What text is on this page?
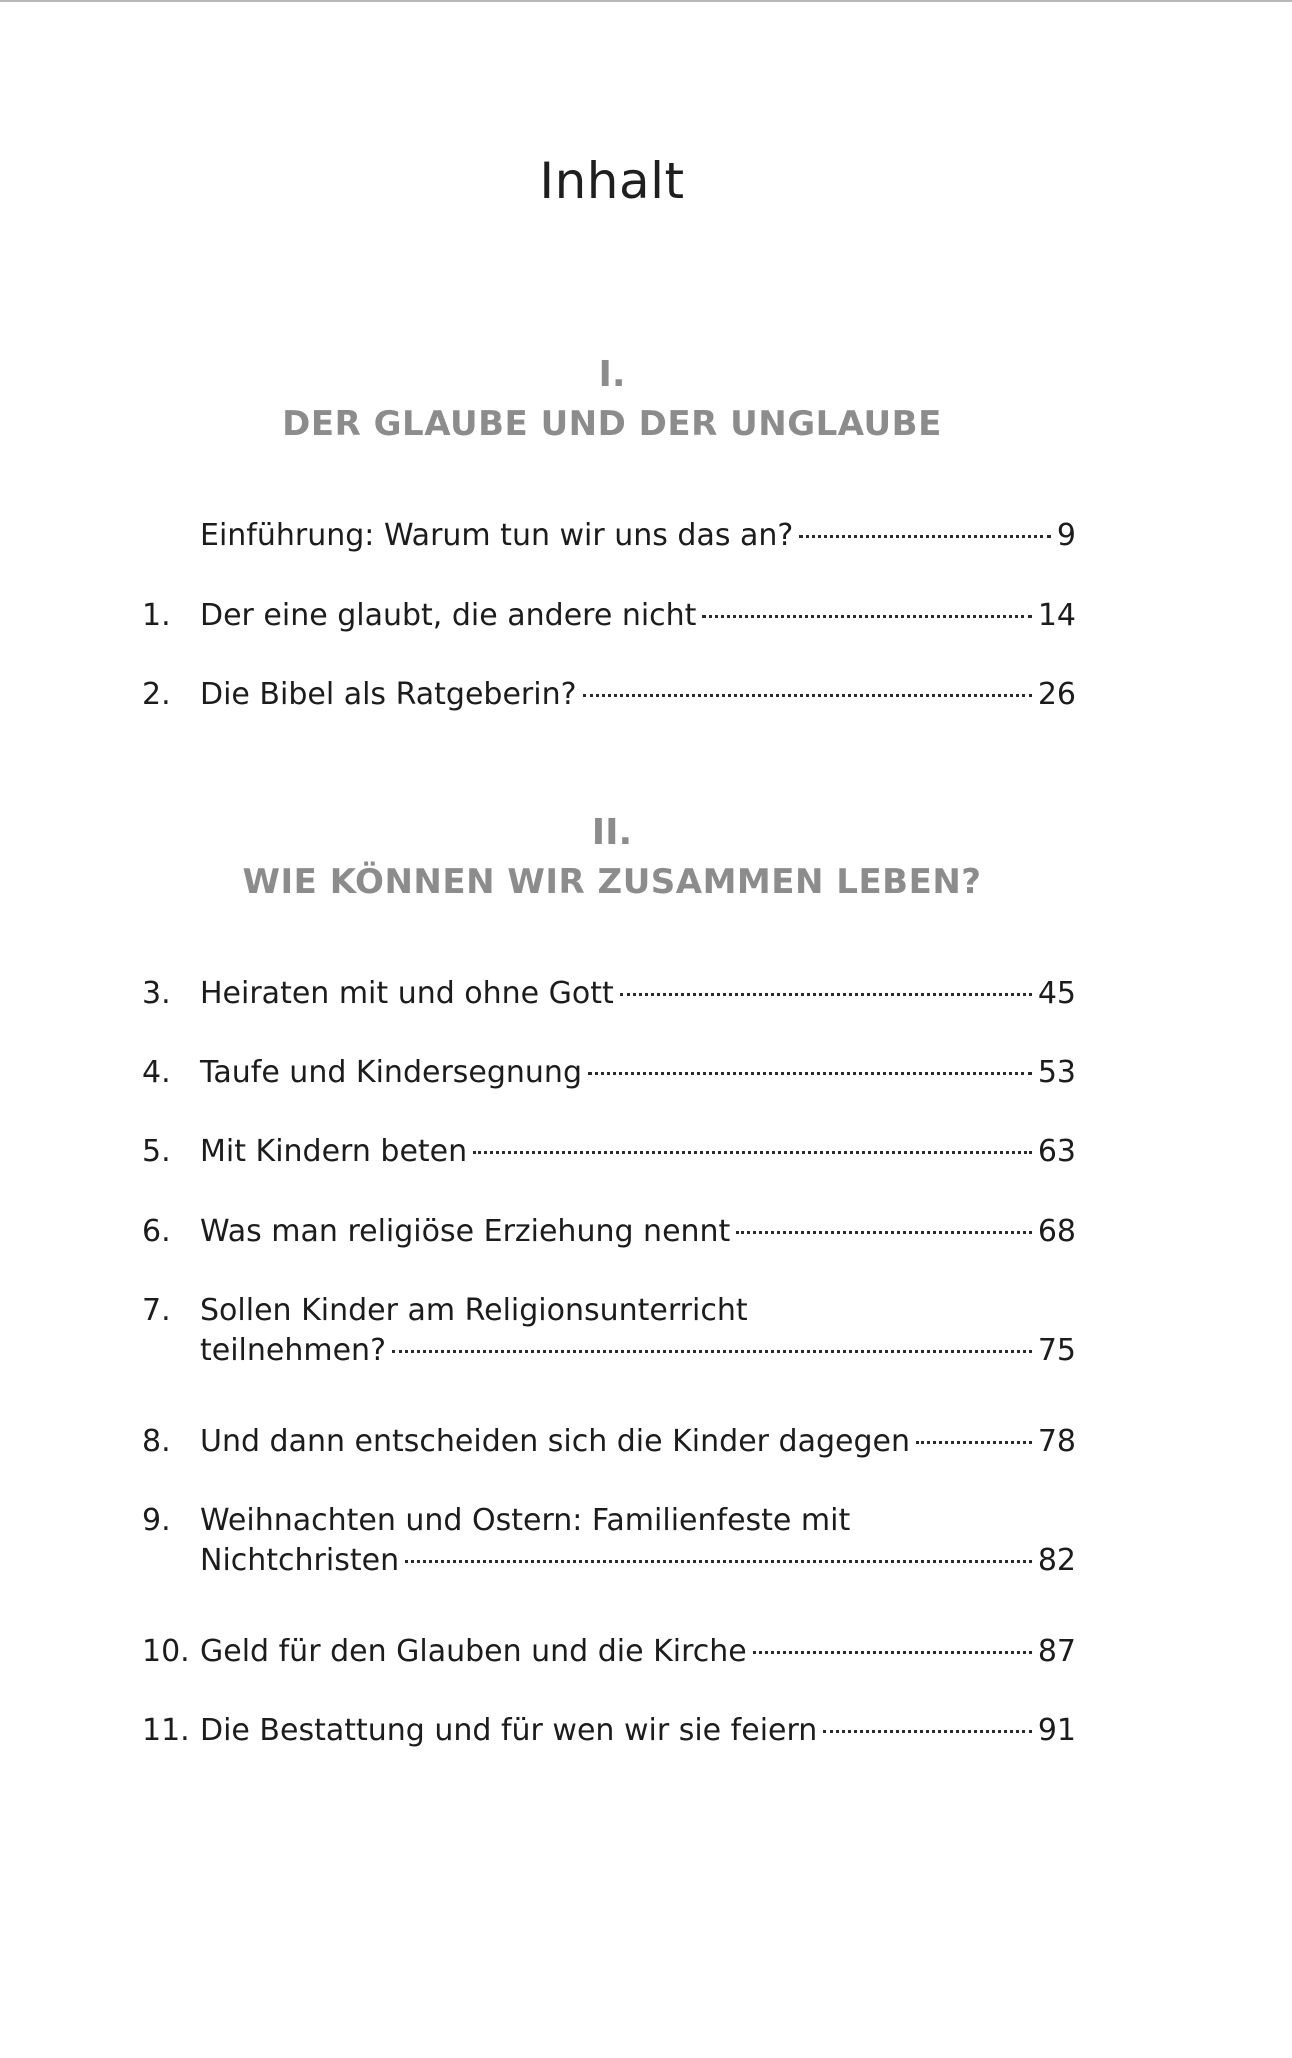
Inhalt
I.
DER GLAUBE UND DER UNGLAUBE
Einführung: Warum tun wir uns das an?	9
1. Der eine glaubt, die andere nicht	14
2. Die Bibel als Ratgeberin?	26
II.
WIE KÖNNEN WIR ZUSAMMEN LEBEN?
3. Heiraten mit und ohne Gott	45
4. Taufe und Kindersegnung	53
5. Mit Kindern beten	63
6. Was man religiöse Erziehung nennt	68
7. Sollen Kinder am Religionsunterricht
teilnehmen?	75
8. Und dann entscheiden sich die Kinder dagegen	78
9. Weihnachten und Ostern: Familienfeste mit
Nichtchristen	82
10. Geld für den Glauben und die Kirche	87
11. Die Bestattung und für wen wir sie feiern	91
